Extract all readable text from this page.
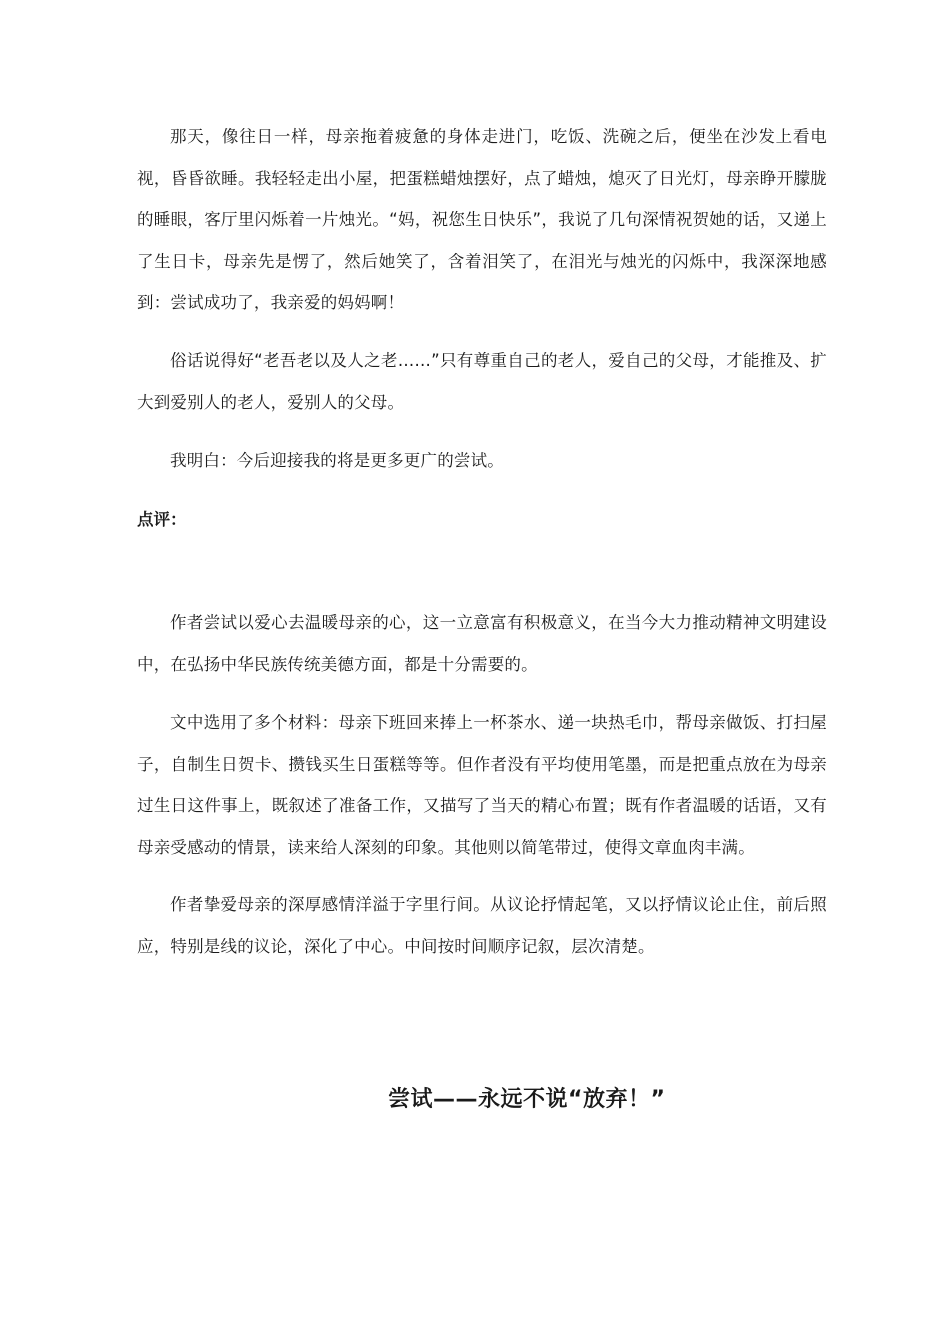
那天，像往日一样，母亲拖着疲惫的身体走进门，吃饭、洗碗之后，便坐在沙发上看电视，昏昏欲睡。我轻轻走出小屋，把蛋糕蜡烛摆好，点了蜡烛，熄灭了日光灯，母亲睁开朦胧的睡眼，客厅里闪烁着一片烛光。“妈，祝您生日快乐”，我说了几句深情祝贺她的话，又递上了生日卡，母亲先是愣了，然后她笑了，含着泪笑了，在泪光与烛光的闪烁中，我深深地感到：尝试成功了，我亲爱的妈妈啊！

俗话说得好“老吾老以及人之老……”只有尊重自己的老人，爱自己的父母，才能推及、扩大到爱别人的老人，爱别人的父母。

我明白：今后迎接我的将是更多更广的尝试。

点评：

作者尝试以爱心去温暖母亲的心，这一立意富有积极意义，在当今大力推动精神文明建设中，在弘扬中华民族传统美德方面，都是十分需要的。

文中选用了多个材料：母亲下班回来捧上一杯茶水、递一块热毛巾，帮母亲做饭、打扫屋子，自制生日贺卡、攒钱买生日蛋糕等等。但作者没有平均使用笔墨，而是把重点放在为母亲过生日这件事上，既叙述了准备工作，又描写了当天的精心布置；既有作者温暖的话语，又有母亲受感动的情景，读来给人深刻的印象。其他则以简笔带过，使得文章血肉丰满。

作者挚爱母亲的深厚感情洋溢于字里行间。从议论抒情起笔，又以抒情议论止住，前后照应，特别是线的议论，深化了中心。中间按时间顺序记叙，层次清楚。

尝试——永远不说“放弃！”
